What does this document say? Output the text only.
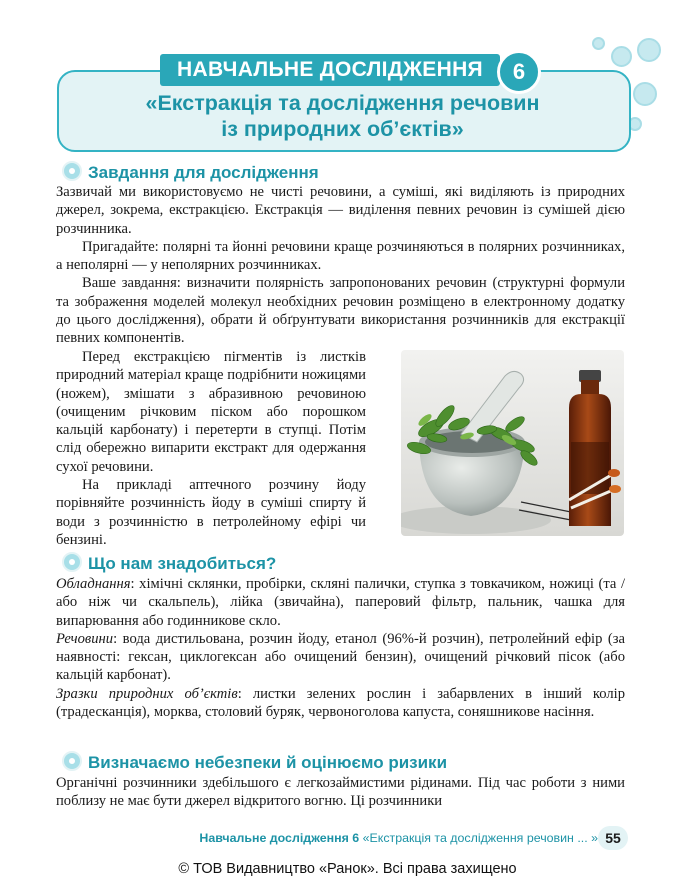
НАВЧАЛЬНЕ ДОСЛІДЖЕННЯ	6
«Екстракція та дослідження речовин
із природних об’єктів»
Завдання для дослідження

Зазвичай ми використовуємо не чисті речовини, а суміші, які виділяють із природних джерел, зокрема, екстракцією. Екстракція — виділення певних речовин із сумішей дією розчинника.

Пригадайте: полярні та йонні речовини краще розчиняються в полярних розчинниках, а неполярні — у неполярних розчинниках.

Ваше завдання: визначити полярність запропонованих речовин (структурні формули та зображення моделей молекул необхідних речовин розміщено в електронному додатку до цього дослідження), обрати й обґрунтувати використання розчинників для екстракції певних компонентів.

Перед екстракцією пігментів із листків природний матеріал краще подрібнити ножицями (ножем), змішати з абразивною речовиною (очищеним річковим піском або порошком кальцій карбонату) і перетерти в ступці. Потім слід обережно випарити екстракт для одержання сухої речовини.

На прикладі аптечного розчину йоду порівняйте розчинність йоду в суміші спирту й води з розчинністю в петролейному ефірі чи бензині.

Що нам знадобиться?

Обладнання: хімічні склянки, пробірки, скляні палички, ступка з товкачиком, ножиці (та / або ніж чи скальпель), лійка (звичайна), паперовий фільтр, пальник, чашка для випарювання або годинникове скло.

Речовини: вода дистильована, розчин йоду, етанол (96%-й розчин), петролейний ефір (за наявності: гексан, циклогексан або очищений бензин), очищений річковий пісок (або кальцій карбонат).

Зразки природних об’єктів: листки зелених рослин і забарвлених в інший колір (традесканція), морква, столовий буряк, червоноголова капуста, соняшникове насіння.

Визначаємо небезпеки й оцінюємо ризики

Органічні розчинники здебільшого є легкозаймистими рідинами. Під час роботи з ними поблизу не має бути джерел відкритого вогню. Ці розчинники

Навчальне дослідження 6 «Екстракція та дослідження речовин ... » 55
© ТОВ Видавництво «Ранок». Всі права захищено
